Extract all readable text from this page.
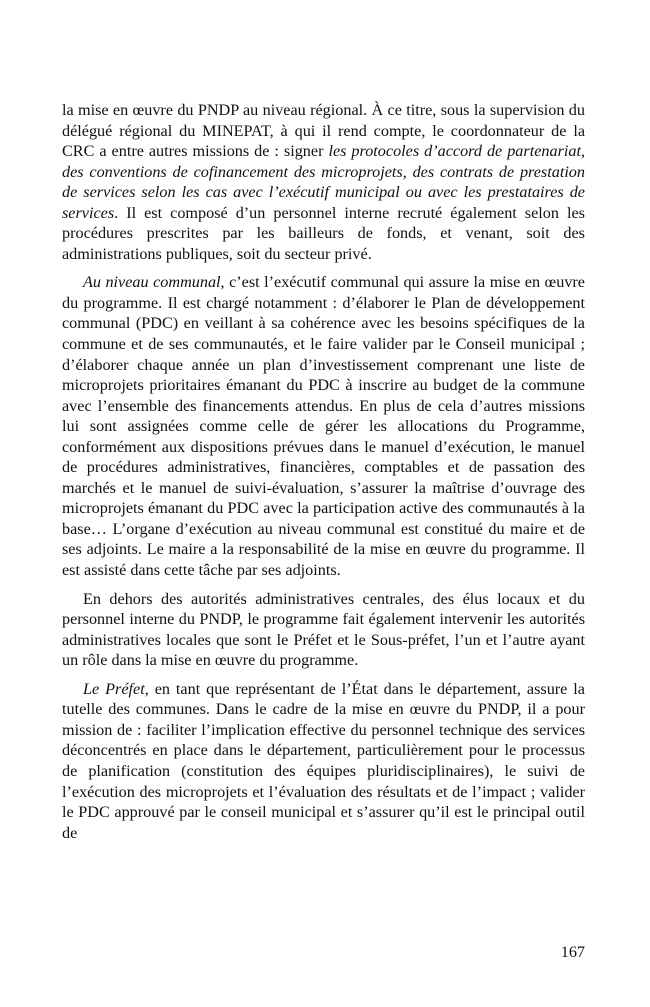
la mise en œuvre du PNDP au niveau régional. À ce titre, sous la supervision du délégué régional du MINEPAT, à qui il rend compte, le coordonnateur de la CRC a entre autres missions de : signer les protocoles d’accord de partenariat, des conventions de cofinancement des microprojets, des contrats de prestation de services selon les cas avec l’exécutif municipal ou avec les prestataires de services. Il est composé d’un personnel interne recruté également selon les procédures prescrites par les bailleurs de fonds, et venant, soit des administrations publiques, soit du secteur privé.

Au niveau communal, c’est l’exécutif communal qui assure la mise en œuvre du programme. Il est chargé notamment : d’élaborer le Plan de développement communal (PDC) en veillant à sa cohérence avec les besoins spécifiques de la commune et de ses communautés, et le faire valider par le Conseil municipal ; d’élaborer chaque année un plan d’investissement comprenant une liste de microprojets prioritaires émanant du PDC à inscrire au budget de la commune avec l’ensemble des financements attendus. En plus de cela d’autres missions lui sont assignées comme celle de gérer les allocations du Programme, conformément aux dispositions prévues dans le manuel d’exécution, le manuel de procédures administratives, financières, comptables et de passation des marchés et le manuel de suivi-évaluation, s’assurer la maîtrise d’ouvrage des microprojets émanant du PDC avec la participation active des communautés à la base… L’organe d’exécution au niveau communal est constitué du maire et de ses adjoints. Le maire a la responsabilité de la mise en œuvre du programme. Il est assisté dans cette tâche par ses adjoints.

En dehors des autorités administratives centrales, des élus locaux et du personnel interne du PNDP, le programme fait également intervenir les autorités administratives locales que sont le Préfet et le Sous-préfet, l’un et l’autre ayant un rôle dans la mise en œuvre du programme.

Le Préfet, en tant que représentant de l’État dans le département, assure la tutelle des communes. Dans le cadre de la mise en œuvre du PNDP, il a pour mission de : faciliter l’implication effective du personnel technique des services déconcentrés en place dans le département, particulièrement pour le processus de planification (constitution des équipes pluridisciplinaires), le suivi de l’exécution des microprojets et l’évaluation des résultats et de l’impact ; valider le PDC approuvé par le conseil municipal et s’assurer qu’il est le principal outil de

167
